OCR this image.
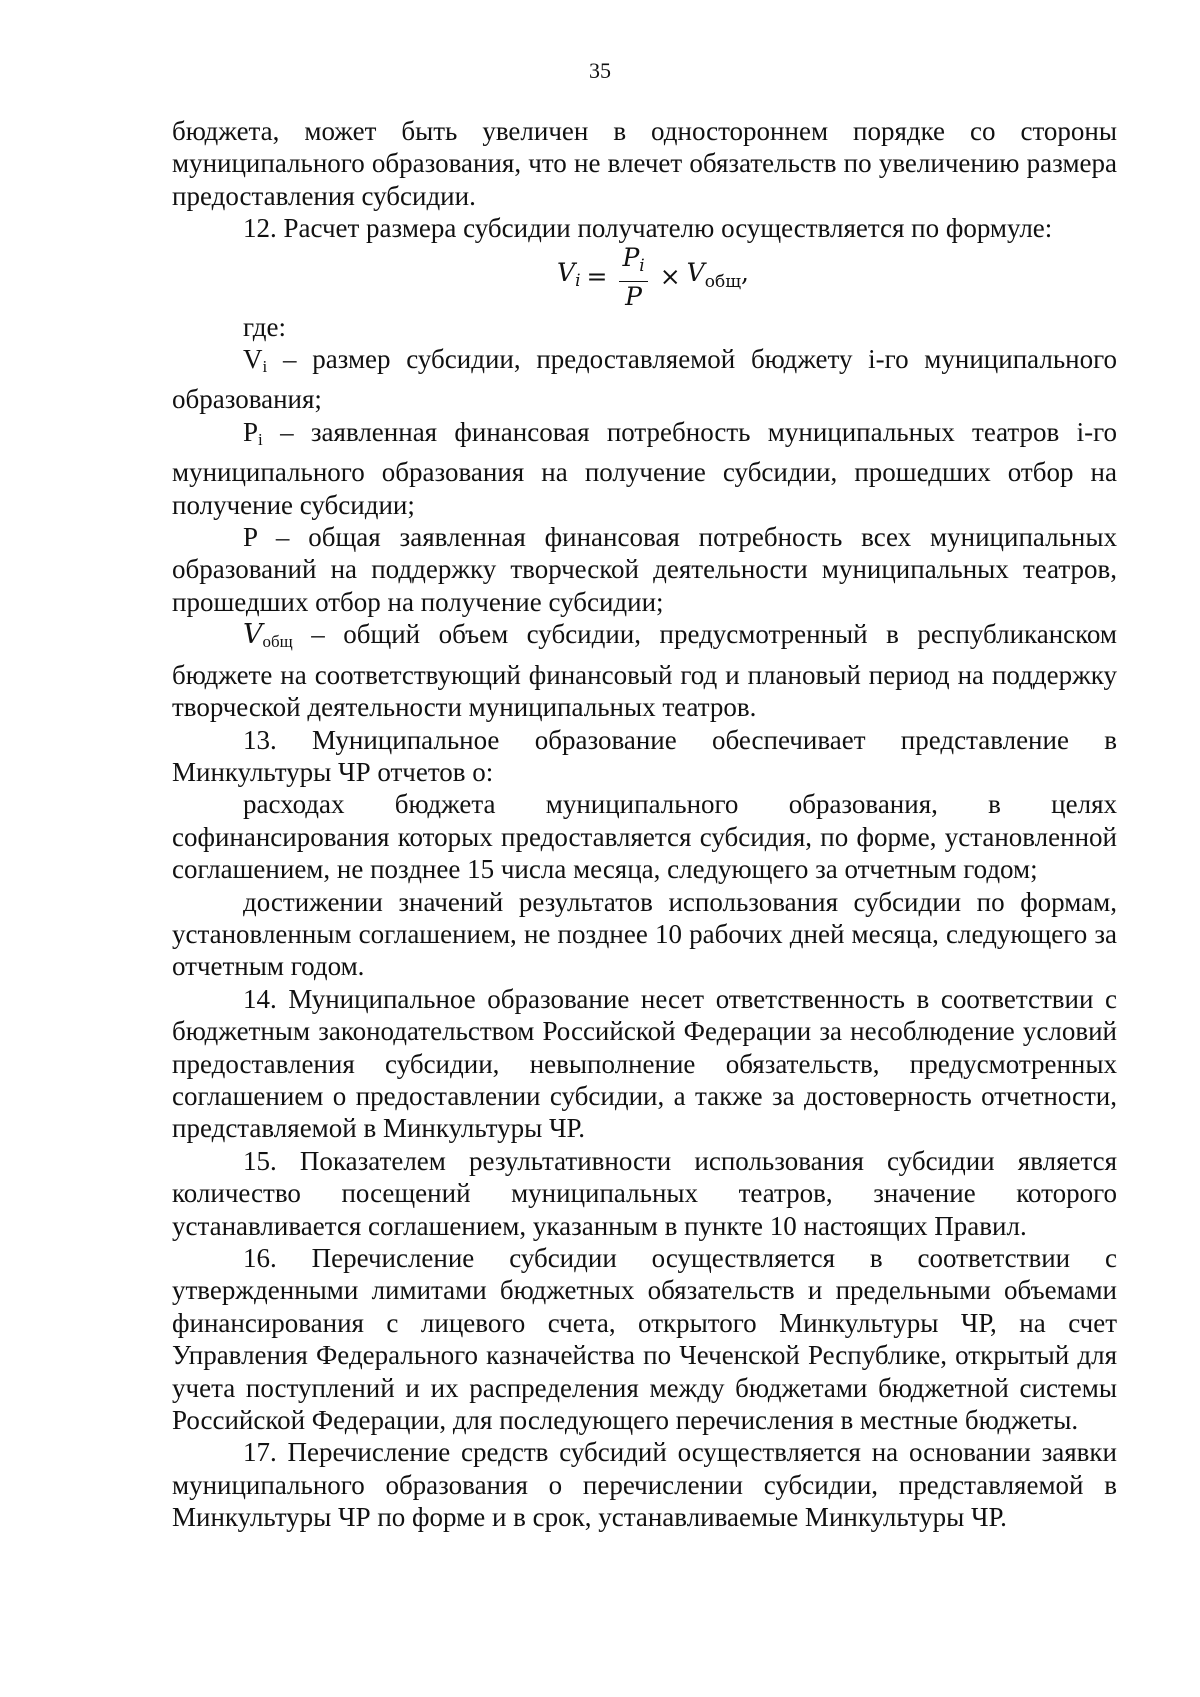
35

бюджета, может быть увеличен в одностороннем порядке со стороны муниципального образования, что не влечет обязательств по увеличению размера предоставления субсидии.

12. Расчет размера субсидии получателю осуществляется по формуле:

$V_i = \frac{P_i}{P} \times V_{общ}$,

где:

Vi – размер субсидии, предоставляемой бюджету i-го муниципального образования;

Pi – заявленная финансовая потребность муниципальных театров i-го муниципального образования на получение субсидии, прошедших отбор на получение субсидии;

P – общая заявленная финансовая потребность всех муниципальных образований на поддержку творческой деятельности муниципальных театров, прошедших отбор на получение субсидии;

Vобщ – общий объем субсидии, предусмотренный в республиканском бюджете на соответствующий финансовый год и плановый период на поддержку творческой деятельности муниципальных театров.

13. Муниципальное образование обеспечивает представление в Минкультуры ЧР отчетов о:

расходах бюджета муниципального образования, в целях софинансирования которых предоставляется субсидия, по форме, установленной соглашением, не позднее 15 числа месяца, следующего за отчетным годом;

достижении значений результатов использования субсидии по формам, установленным соглашением, не позднее 10 рабочих дней месяца, следующего за отчетным годом.

14. Муниципальное образование несет ответственность в соответствии с бюджетным законодательством Российской Федерации за несоблюдение условий предоставления субсидии, невыполнение обязательств, предусмотренных соглашением о предоставлении субсидии, а также за достоверность отчетности, представляемой в Минкультуры ЧР.

15. Показателем результативности использования субсидии является количество посещений муниципальных театров, значение которого устанавливается соглашением, указанным в пункте 10 настоящих Правил.

16. Перечисление субсидии осуществляется в соответствии с утвержденными лимитами бюджетных обязательств и предельными объемами финансирования с лицевого счета, открытого Минкультуры ЧР, на счет Управления Федерального казначейства по Чеченской Республике, открытый для учета поступлений и их распределения между бюджетами бюджетной системы Российской Федерации, для последующего перечисления в местные бюджеты.

17. Перечисление средств субсидий осуществляется на основании заявки муниципального образования о перечислении субсидии, представляемой в Минкультуры ЧР по форме и в срок, устанавливаемые Минкультуры ЧР.
